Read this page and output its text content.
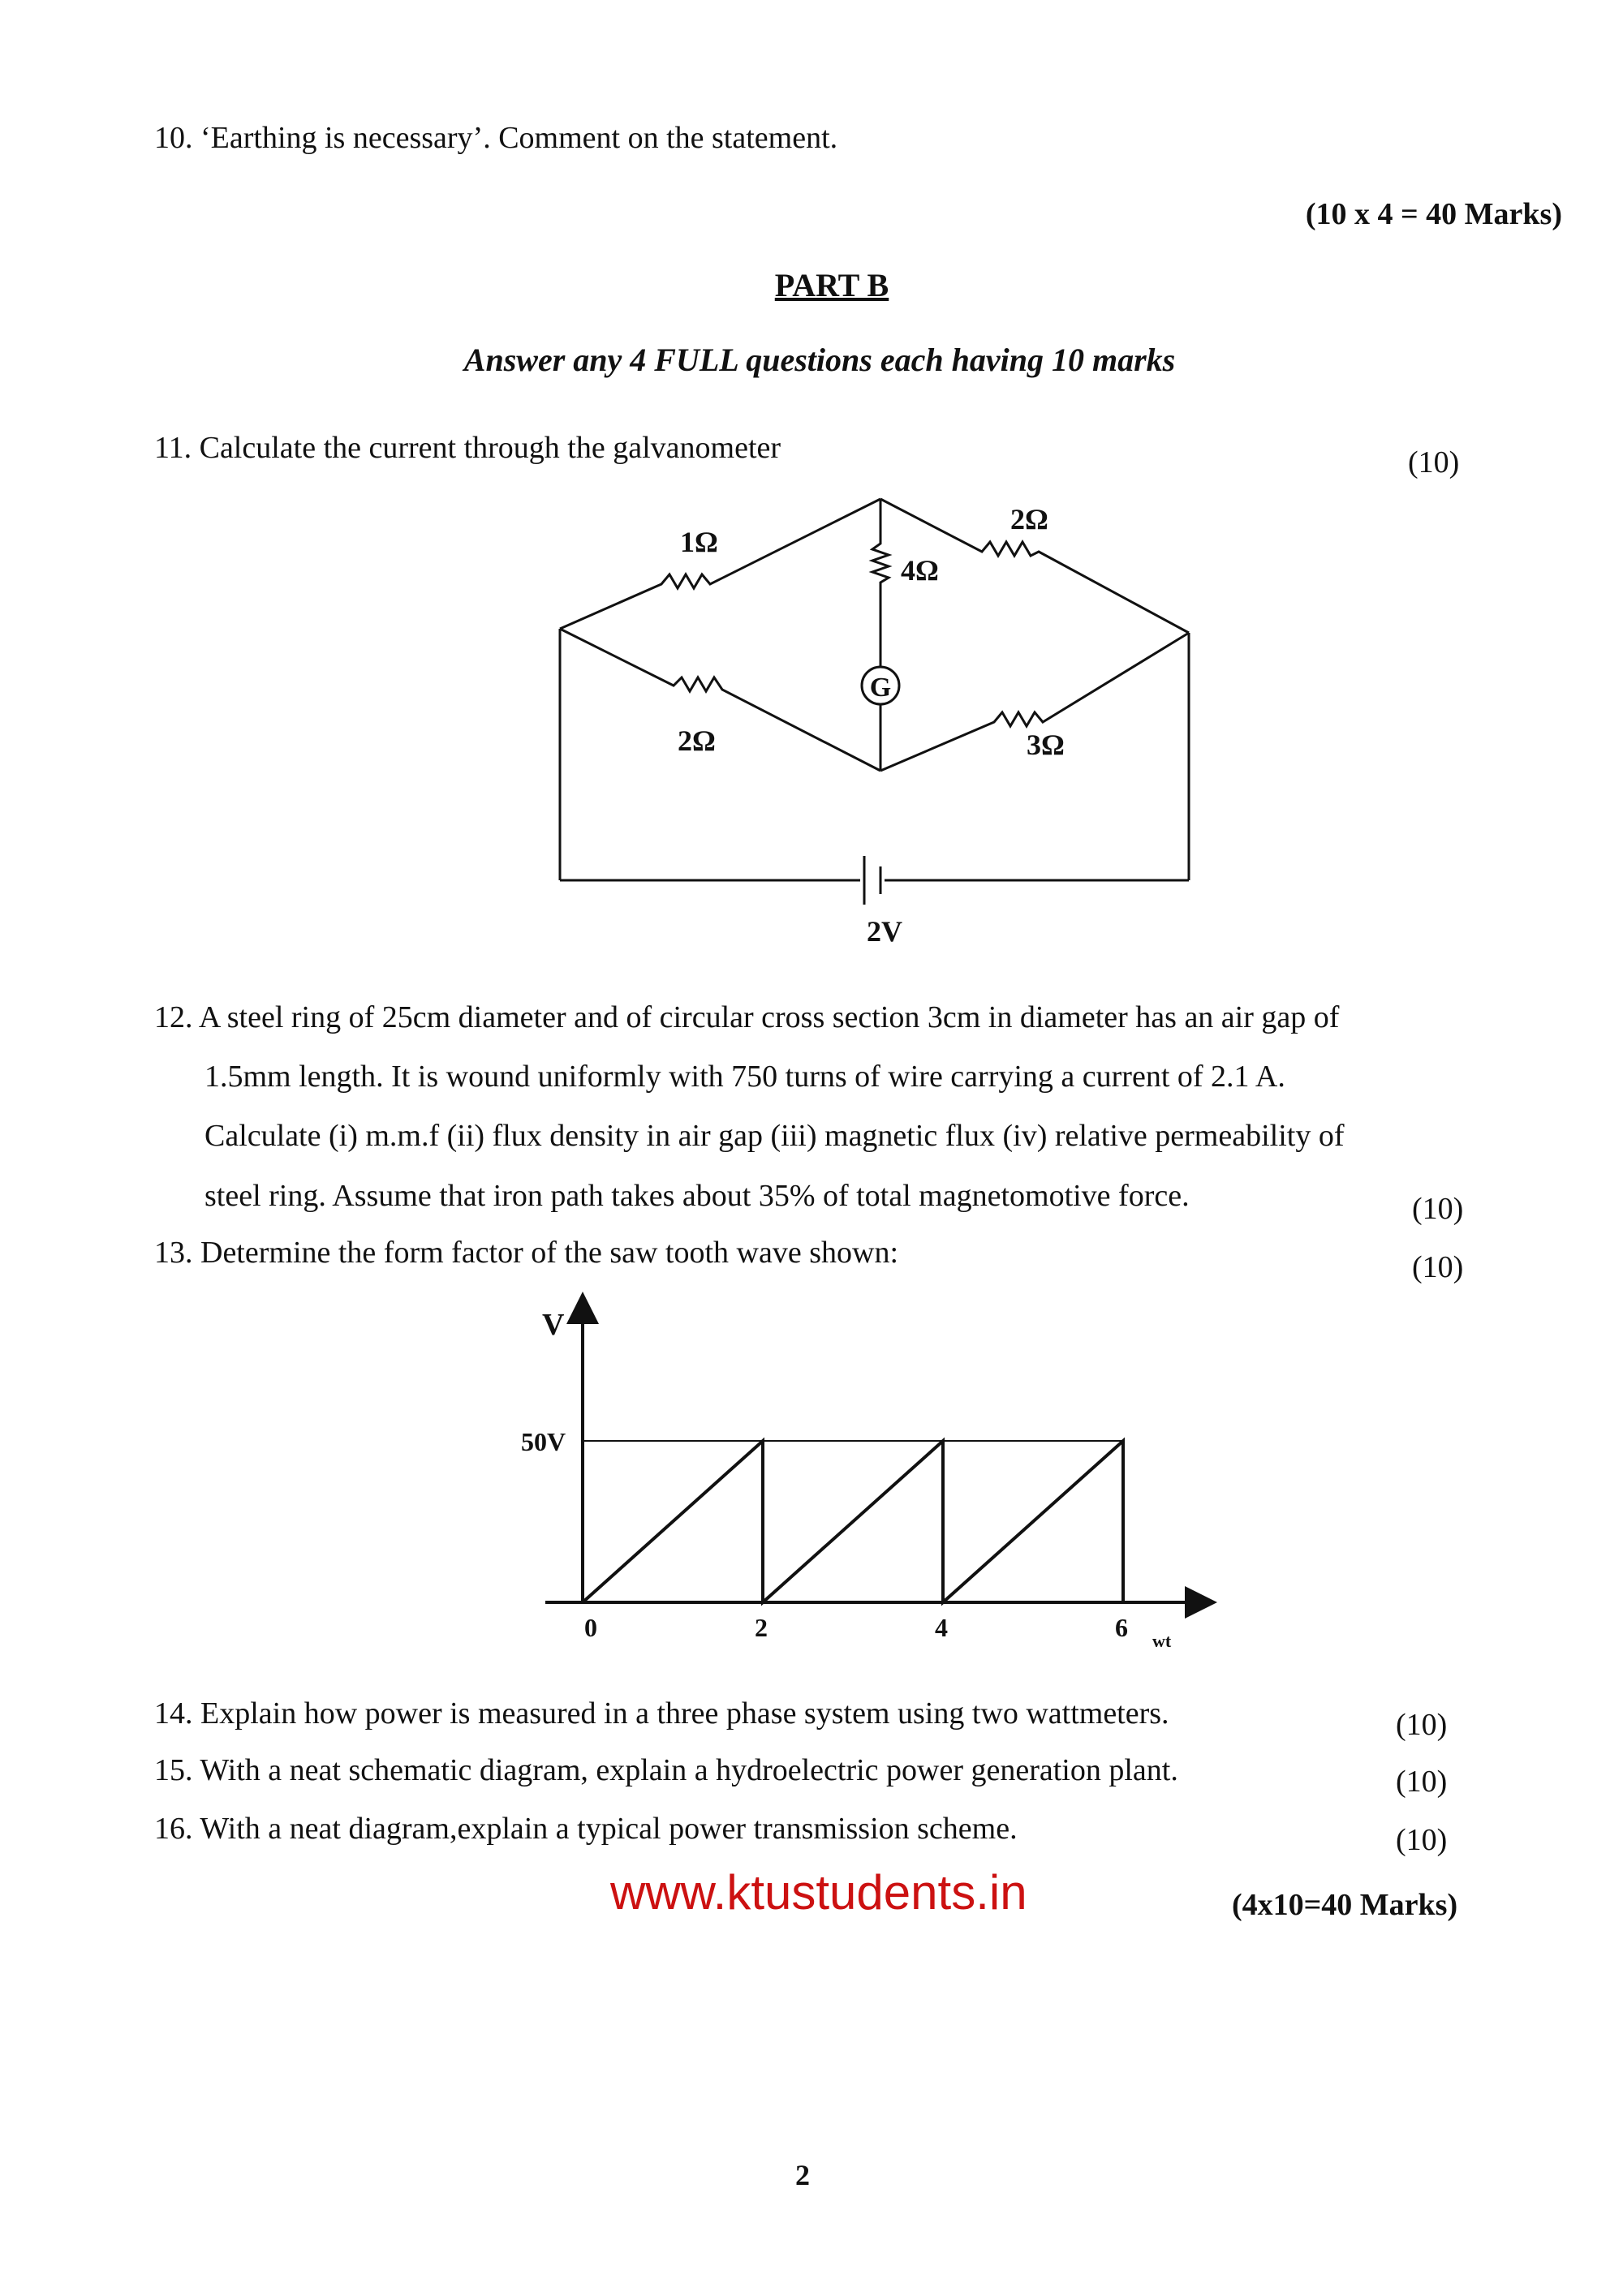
10. ‘Earthing is necessary’. Comment on the statement.
(10 x 4 = 40 Marks)
PART B
Answer any 4 FULL questions each having 10 marks
11. Calculate the current through the galvanometer	(10)
G
1Ω
2Ω
4Ω
2Ω	3Ω
2V
12. A steel ring of 25cm diameter and of circular cross section 3cm in diameter has an air gap of
1.5mm length. It is wound uniformly with 750 turns of wire carrying a current of 2.1 A.
Calculate (i) m.m.f (ii) flux density in air gap (iii) magnetic flux (iv) relative permeability of
steel ring. Assume that iron path takes about 35% of total magnetomotive force.	(10)
13. Determine the form factor of the saw tooth wave shown:	(10)
V
wt
0	2	4	6
50V
14. Explain how power is measured in a three phase system using two wattmeters.	(10)
15. With a neat schematic diagram, explain a hydroelectric power generation plant.	(10)
16. With a neat diagram,explain a typical power transmission scheme.	(10)
www.ktustudents.in	(4x10=40 Marks)
2
